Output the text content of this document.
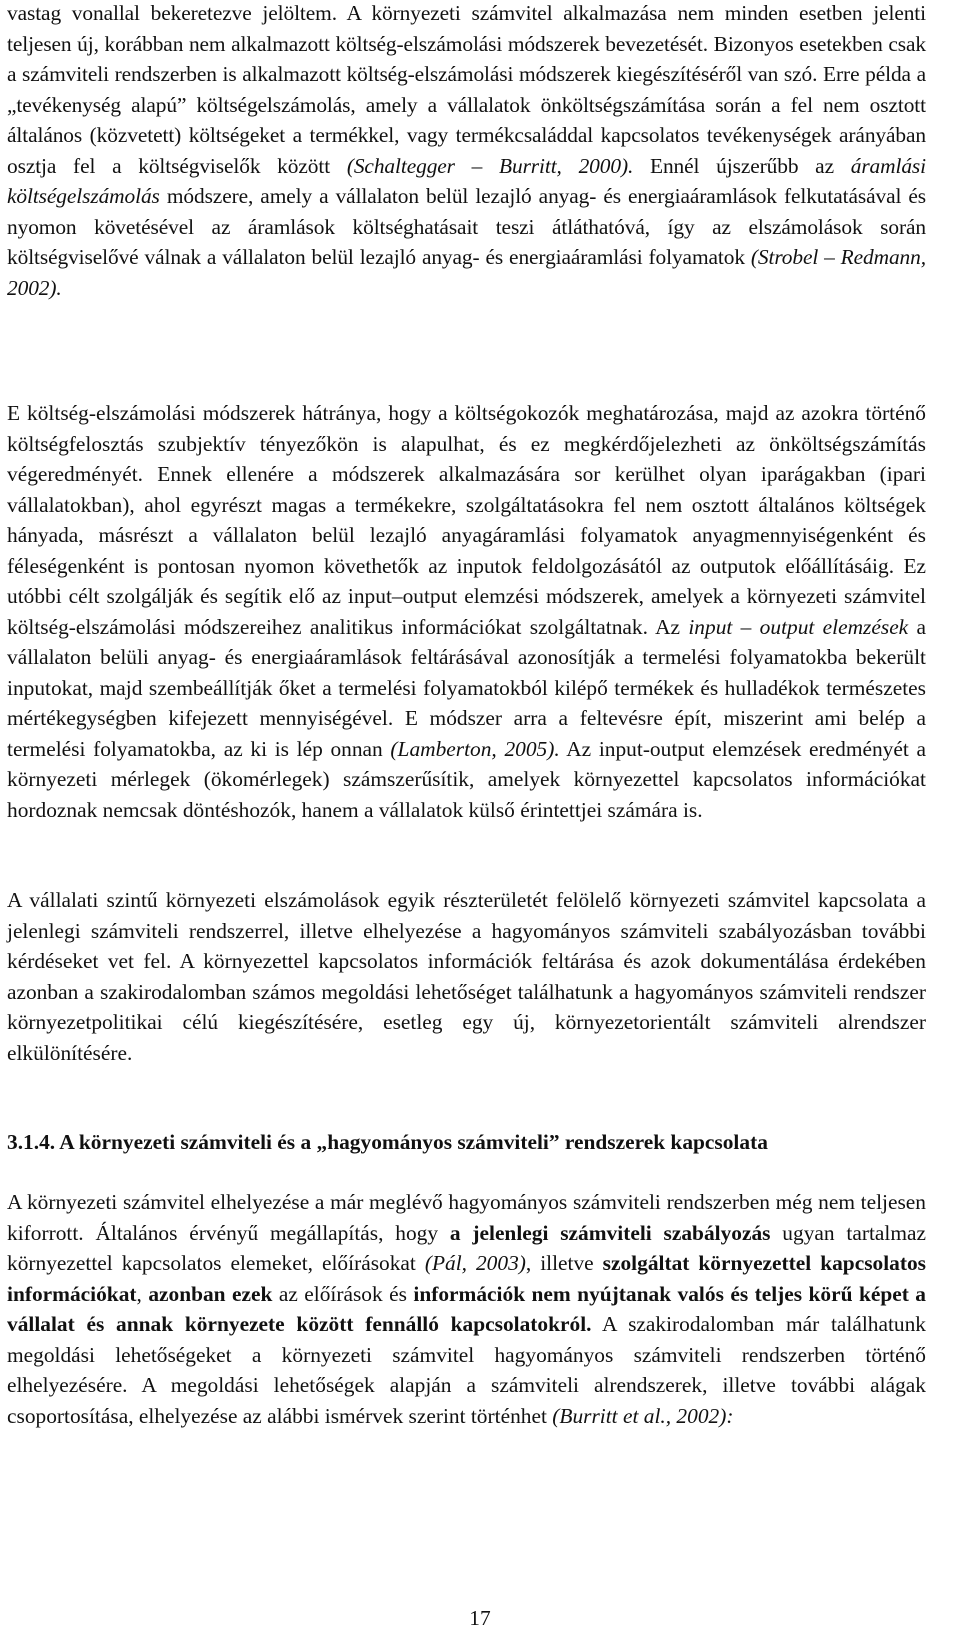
vastag vonallal bekeretezve jelöltem. A környezeti számvitel alkalmazása nem minden esetben jelenti teljesen új, korábban nem alkalmazott költség-elszámolási módszerek bevezetését. Bizonyos esetekben csak a számviteli rendszerben is alkalmazott költség-elszámolási módszerek kiegészítéséről van szó. Erre példa a „tevékenység alapú” költségelszámolás, amely a vállalatok önköltségszámítása során a fel nem osztott általános (közvetett) költségeket a termékkel, vagy termékcsaláddal kapcsolatos tevékenységek arányában osztja fel a költségviselők között (Schaltegger – Burritt, 2000). Ennél újszerűbb az áramlási költségelszámolás módszere, amely a vállalaton belül lezajló anyag- és energiaáramlások felkutatásával és nyomon követésével az áramlások költséghatásait teszi átláthatóvá, így az elszámolások során költségviselővé válnak a vállalaton belül lezajló anyag- és energiaáramlási folyamatok (Strobel – Redmann, 2002).

E költség-elszámolási módszerek hátránya, hogy a költségokozók meghatározása, majd az azokra történő költségfelosztás szubjektív tényezőkön is alapulhat, és ez megkérdőjelezheti az önköltségszámítás végeredményét. Ennek ellenére a módszerek alkalmazására sor kerülhet olyan iparágakban (ipari vállalatokban), ahol egyrészt magas a termékekre, szolgáltatásokra fel nem osztott általános költségek hányada, másrészt a vállalaton belül lezajló anyagáramlási folyamatok anyagmennyiségenként és féleségenként is pontosan nyomon követhetők az inputok feldolgozásától az outputok előállításáig. Ez utóbbi célt szolgálják és segítik elő az input–output elemzési módszerek, amelyek a környezeti számvitel költség-elszámolási módszereihez analitikus információkat szolgáltatnak. Az input – output elemzések a vállalaton belüli anyag- és energiaáramlások feltárásával azonosítják a termelési folyamatokba bekerült inputokat, majd szembeállítják őket a termelési folyamatokból kilépő termékek és hulladékok természetes mértékegységben kifejezett mennyiségével. E módszer arra a feltevésre épít, miszerint ami belép a termelési folyamatokba, az ki is lép onnan (Lamberton, 2005). Az input-output elemzések eredményét a környezeti mérlegek (ökomérlegek) számszerűsítik, amelyek környezettel kapcsolatos információkat hordoznak nemcsak döntéshozók, hanem a vállalatok külső érintettjei számára is.

A vállalati szintű környezeti elszámolások egyik részterületét felölelő környezeti számvitel kapcsolata a jelenlegi számviteli rendszerrel, illetve elhelyezése a hagyományos számviteli szabályozásban további kérdéseket vet fel. A környezettel kapcsolatos információk feltárása és azok dokumentálása érdekében azonban a szakirodalomban számos megoldási lehetőséget találhatunk a hagyományos számviteli rendszer környezetpolitikai célú kiegészítésére, esetleg egy új, környezetorientált számviteli alrendszer elkülönítésére.

3.1.4. A környezeti számviteli és a „hagyományos számviteli” rendszerek kapcsolata

A környezeti számvitel elhelyezése a már meglévő hagyományos számviteli rendszerben még nem teljesen kiforrott. Általános érvényű megállapítás, hogy a jelenlegi számviteli szabályozás ugyan tartalmaz környezettel kapcsolatos elemeket, előírásokat (Pál, 2003), illetve szolgáltat környezettel kapcsolatos információkat, azonban ezek az előírások és információk nem nyújtanak valós és teljes körű képet a vállalat és annak környezete között fennálló kapcsolatokról. A szakirodalomban már találhatunk megoldási lehetőségeket a környezeti számvitel hagyományos számviteli rendszerben történő elhelyezésére. A megoldási lehetőségek alapján a számviteli alrendszerek, illetve további alágak csoportosítása, elhelyezése az alábbi ismérvek szerint történhet (Burritt et al., 2002):

17
